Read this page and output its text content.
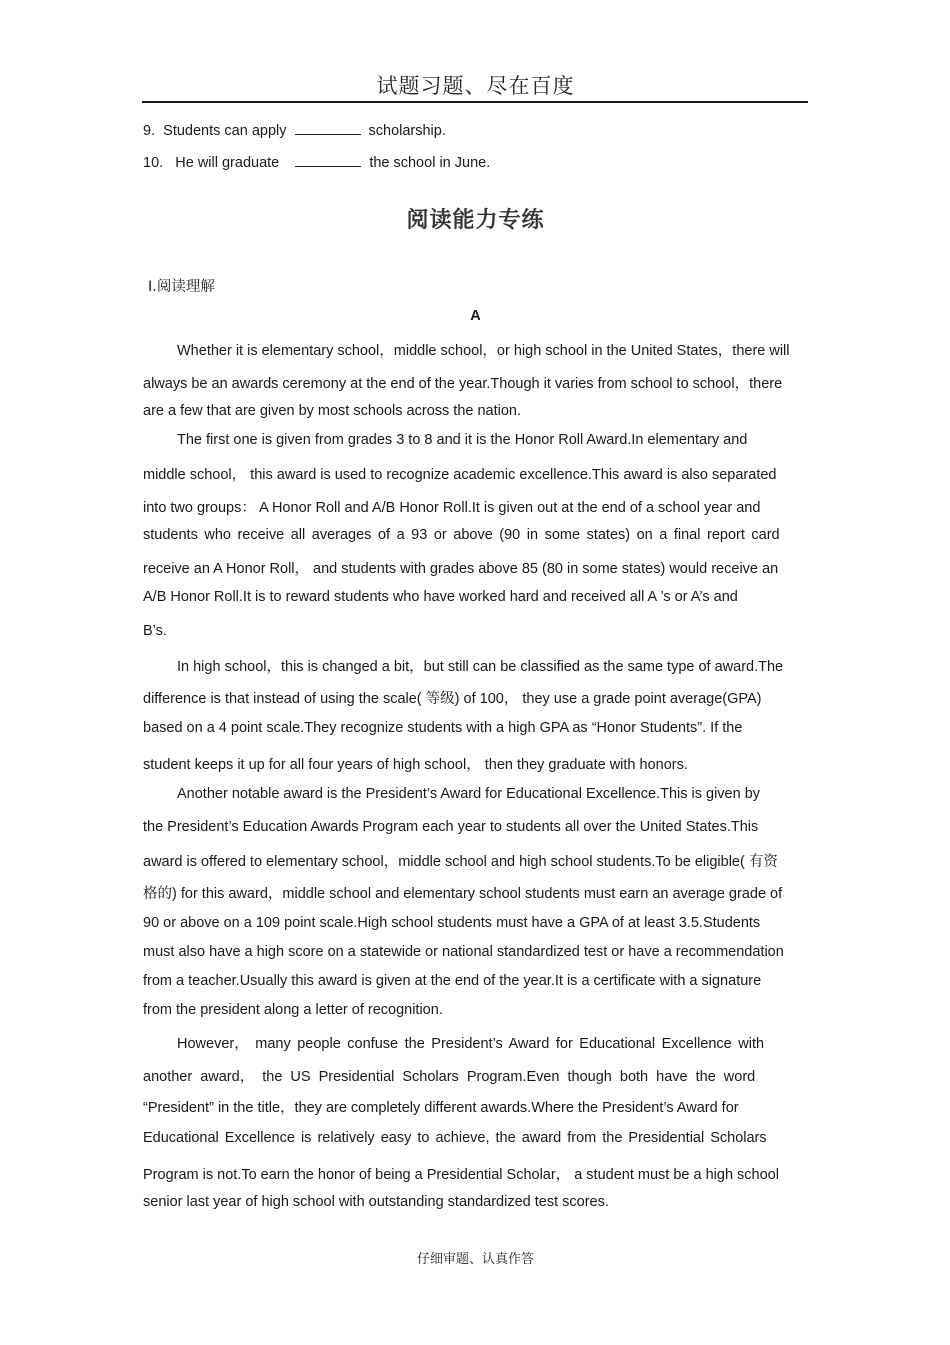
试题习题、尽在百度
9. Students can apply	scholarship.
10. He will graduate	the school in June.
阅读能力专练
Ⅰ.阅读理解
A
Whether it is elementary school，middle school，or high school in the United States，there will
always be an awards ceremony at the end of the year.Though it varies from school to school，there
are a few that are given by most schools across the nation.
The first one is given from grades 3 to 8 and it is the Honor Roll Award.In elementary and
middle school， this award is used to recognize academic excellence.This award is also separated
into two groups： A Honor Roll and A/B Honor Roll.It is given out at the end of a school year and
students who receive all averages of a 93 or above (90 in some states) on a final report card
receive an A Honor Roll， and students with grades above 85 (80 in some states) would receive an
A/B Honor Roll.It is to reward students who have worked hard and received all A ’s or A’s and
B’s.
In high school，this is changed a bit，but still can be classified as the same type of award.The
difference is that instead of using the scale( 等级) of 100， they use a grade point average(GPA)
based on a 4 point scale.They recognize students with a high GPA as “Honor Students”. If the
student keeps it up for all four years of high school， then they graduate with honors.
Another notable award is the President’s Award for Educational Excellence.This is given by
the President’s Education Awards Program each year to students all over the United States.This
award is offered to elementary school，middle school and high school students.To be eligible( 有资
格的) for this award，middle school and elementary school students must earn an average grade of
90 or above on a 109 point scale.High school students must have a GPA of at least 3.5.Students
must also have a high score on a statewide or national standardized test or have a recommendation
from a teacher.Usually this award is given at the end of the year.It is a certificate with a signature
from the president along a letter of recognition.
However， many people confuse the President’s Award for Educational Excellence with
another award， the US Presidential Scholars Program.Even though both have the word
“President” in the title，they are completely different awards.Where the President’s Award for
Educational Excellence is relatively easy to achieve, the award from the Presidential Scholars
Program is not.To earn the honor of being a Presidential Scholar， a student must be a high school
senior last year of high school with outstanding standardized test scores.
仔细审题、认真作答
